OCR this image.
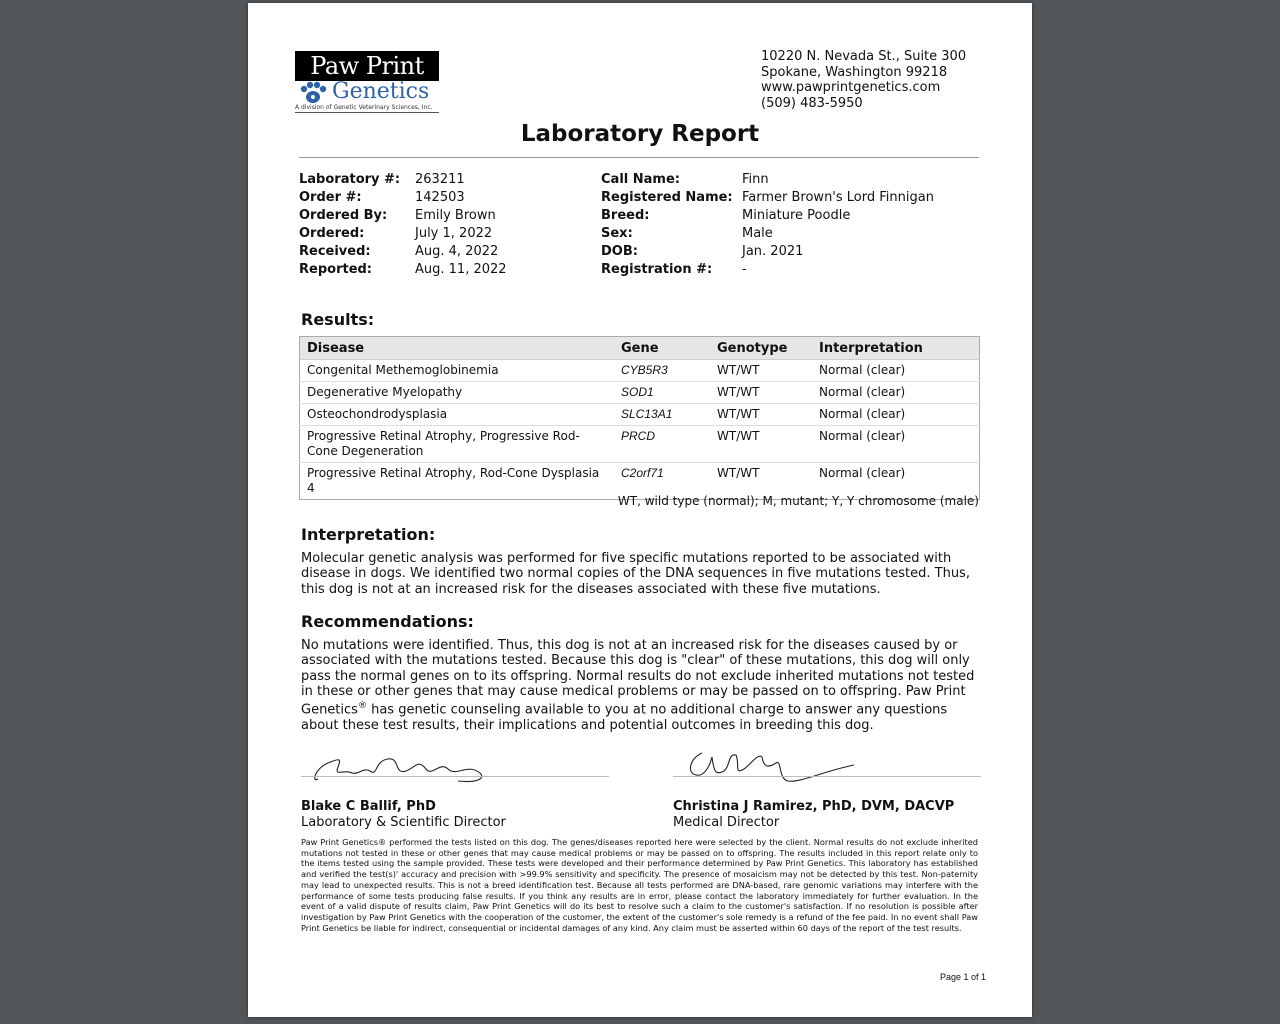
Paw Print
Genetics
A division of Genetic Veterinary Sciences, Inc.
10220 N. Nevada St., Suite 300
Spokane, Washington 99218
www.pawprintgenetics.com
(509) 483-5950
Laboratory Report
Laboratory #:	263211
Order #:	142503
Ordered By:	Emily Brown
Ordered:	July 1, 2022
Received:	Aug. 4, 2022
Reported:	Aug. 11, 2022
Call Name:	Finn
Registered Name: Farmer Brown's Lord Finnigan
Breed:	Miniature Poodle
Sex:	Male
DOB:	Jan. 2021
Registration #:	-
Results:
Disease	Gene	Genotype	Interpretation
Congenital Methemoglobinemia	CYB5R3	WT/WT	Normal (clear)
Degenerative Myelopathy	SOD1	WT/WT	Normal (clear)
Osteochondrodysplasia	SLC13A1	WT/WT	Normal (clear)
Progressive Retinal Atrophy, Progressive Rod-Cone Degeneration	PRCD	WT/WT	Normal (clear)
Progressive Retinal Atrophy, Rod-Cone Dysplasia 4	C2orf71	WT/WT	Normal (clear)
WT, wild type (normal); M, mutant; Y, Y chromosome (male)
Interpretation:
Molecular genetic analysis was performed for five specific mutations reported to be associated with disease in dogs. We identified two normal copies of the DNA sequences in five mutations tested. Thus, this dog is not at an increased risk for the diseases associated with these five mutations.
Recommendations:
No mutations were identified. Thus, this dog is not at an increased risk for the diseases caused by or associated with the mutations tested. Because this dog is "clear" of these mutations, this dog will only pass the normal genes on to its offspring. Normal results do not exclude inherited mutations not tested in these or other genes that may cause medical problems or may be passed on to offspring. Paw Print Genetics® has genetic counseling available to you at no additional charge to answer any questions about these test results, their implications and potential outcomes in breeding this dog.
Blake C Ballif, PhD
Laboratory & Scientific Director
Christina J Ramirez, PhD, DVM, DACVP
Medical Director
Paw Print Genetics® performed the tests listed on this dog. The genes/diseases reported here were selected by the client. Normal results do not exclude inherited mutations not tested in these or other genes that may cause medical problems or may be passed on to offspring. The results included in this report relate only to the items tested using the sample provided. These tests were developed and their performance determined by Paw Print Genetics. This laboratory has established and verified the test(s)' accuracy and precision with >99.9% sensitivity and specificity. The presence of mosaicism may not be detected by this test. Non-paternity may lead to unexpected results. This is not a breed identification test. Because all tests performed are DNA-based, rare genomic variations may interfere with the performance of some tests producing false results. If you think any results are in error, please contact the laboratory immediately for further evaluation. In the event of a valid dispute of results claim, Paw Print Genetics will do its best to resolve such a claim to the customer's satisfaction. If no resolution is possible after investigation by Paw Print Genetics with the cooperation of the customer, the extent of the customer's sole remedy is a refund of the fee paid. In no event shall Paw Print Genetics be liable for indirect, consequential or incidental damages of any kind. Any claim must be asserted within 60 days of the report of the test results.
Page 1 of 1
